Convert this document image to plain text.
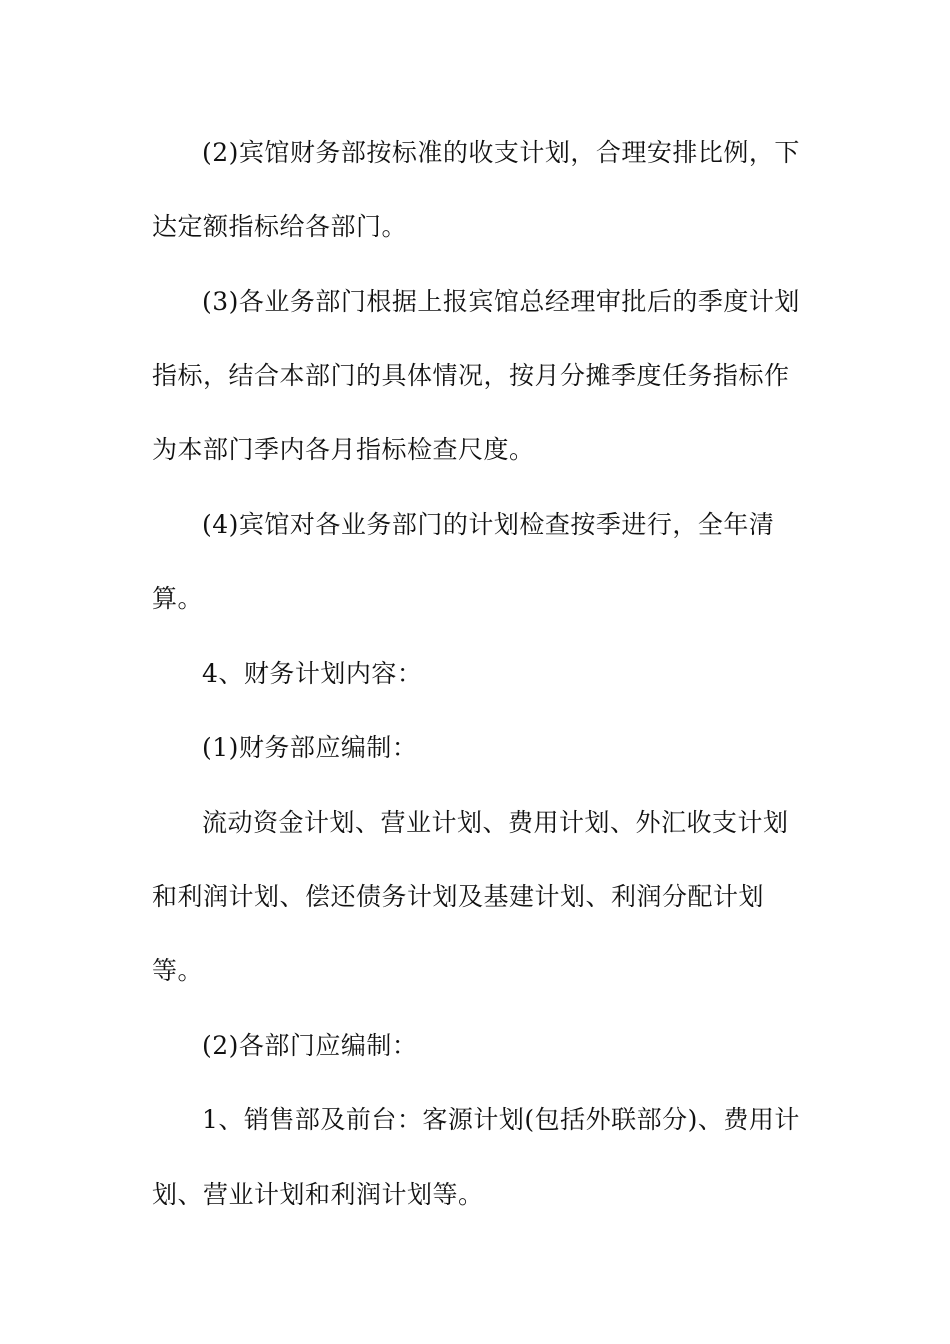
(2)宾馆财务部按标准的收支计划，合理安排比例，下
达定额指标给各部门。
(3)各业务部门根据上报宾馆总经理审批后的季度计划
指标，结合本部门的具体情况，按月分摊季度任务指标作
为本部门季内各月指标检查尺度。
(4)宾馆对各业务部门的计划检查按季进行，全年清
算。
4、财务计划内容：
(1)财务部应编制：
流动资金计划、营业计划、费用计划、外汇收支计划
和利润计划、偿还债务计划及基建计划、利润分配计划
等。
(2)各部门应编制：
1、销售部及前台：客源计划(包括外联部分)、费用计
划、营业计划和利润计划等。
